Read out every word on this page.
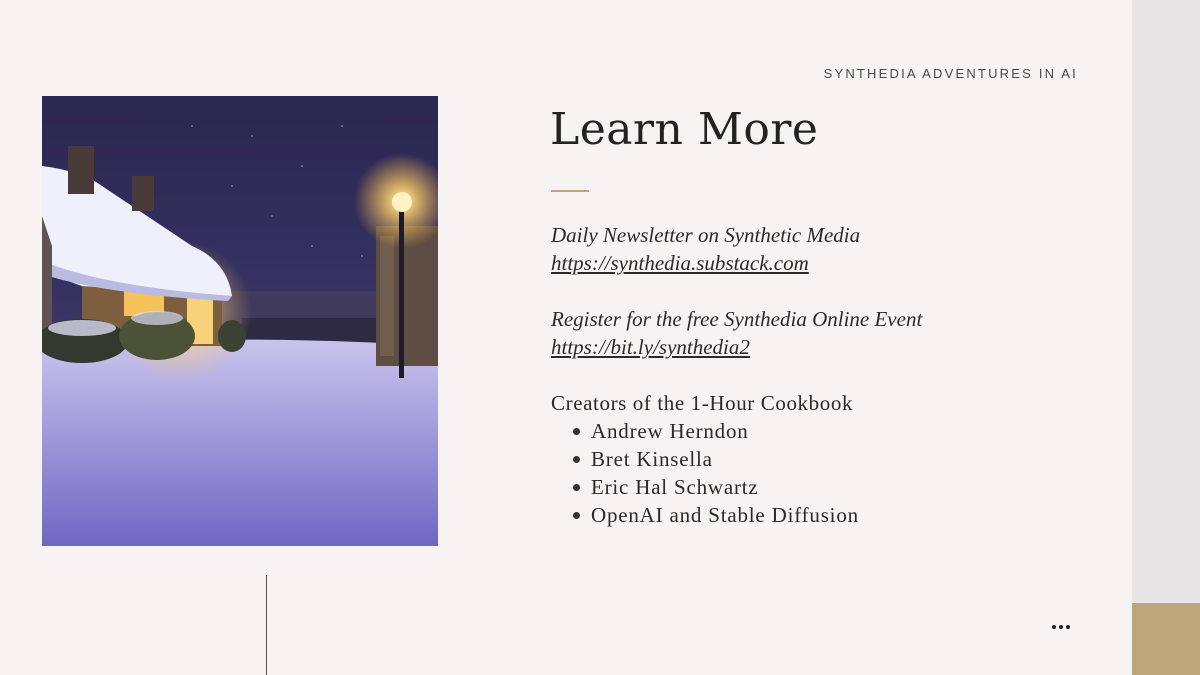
SYNTHEDIA ADVENTURES IN AI
Learn More
Daily Newsletter on Synthetic Media
https://synthedia.substack.com
Register for the free Synthedia Online Event
https://bit.ly/synthedia2
Creators of the 1-Hour Cookbook
Andrew Herndon
Bret Kinsella
Eric Hal Schwartz
OpenAI and Stable Diffusion
